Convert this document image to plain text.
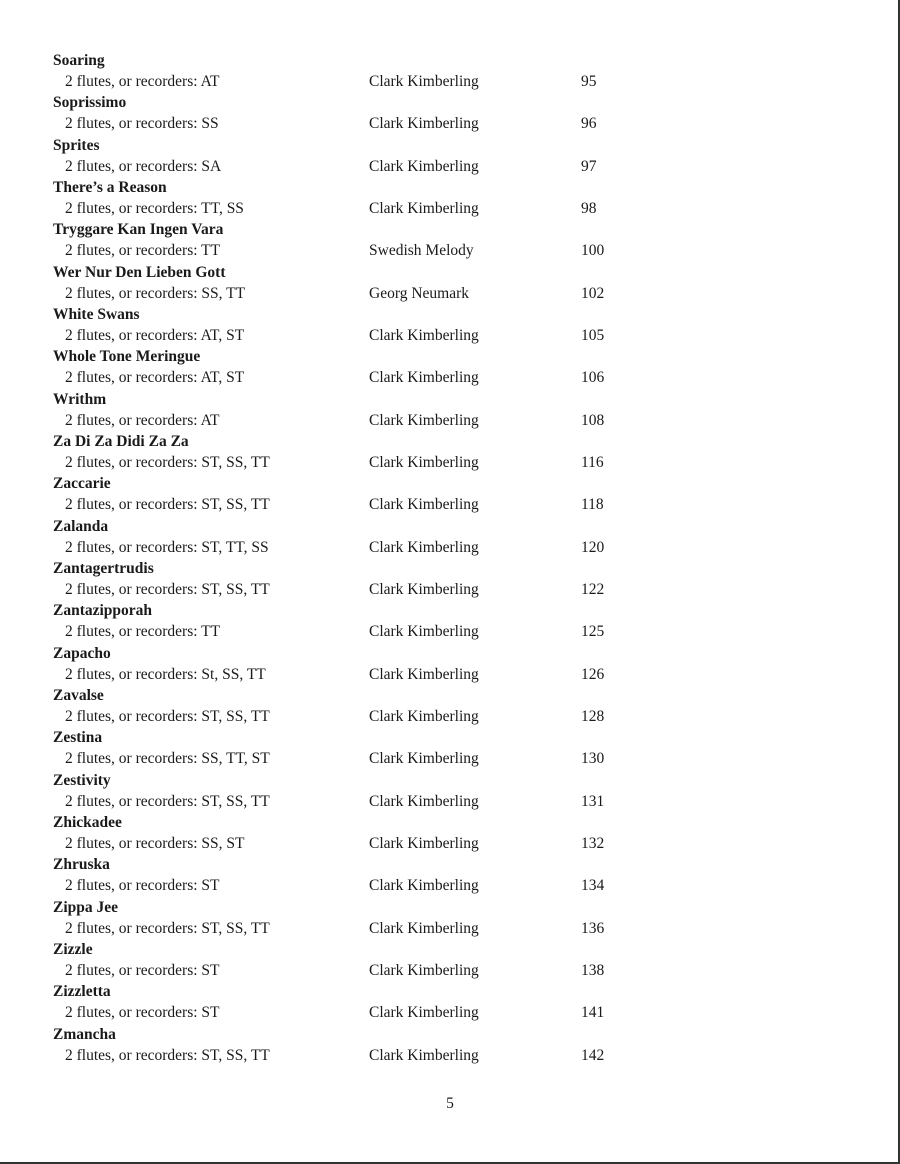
Soaring
2 flutes, or recorders: AT	Clark Kimberling	95
Soprissimo
2 flutes, or recorders: SS	Clark Kimberling	96
Sprites
2 flutes, or recorders: SA	Clark Kimberling	97
There’s a Reason
2 flutes, or recorders: TT, SS	Clark Kimberling	98
Tryggare Kan Ingen Vara
2 flutes, or recorders: TT	Swedish Melody	100
Wer Nur Den Lieben Gott
2 flutes, or recorders: SS, TT	Georg Neumark	102
White Swans
2 flutes, or recorders: AT, ST	Clark Kimberling	105
Whole Tone Meringue
2 flutes, or recorders: AT, ST	Clark Kimberling	106
Writhm
2 flutes, or recorders: AT	Clark Kimberling	108
Za Di Za Didi Za Za
2 flutes, or recorders: ST, SS, TT	Clark Kimberling	116
Zaccarie
2 flutes, or recorders: ST, SS, TT	Clark Kimberling	118
Zalanda
2 flutes, or recorders: ST, TT, SS	Clark Kimberling	120
Zantagertrudis
2 flutes, or recorders: ST, SS, TT	Clark Kimberling	122
Zantazipporah
2 flutes, or recorders: TT	Clark Kimberling	125
Zapacho
2 flutes, or recorders: St, SS, TT	Clark Kimberling	126
Zavalse
2 flutes, or recorders: ST, SS, TT	Clark Kimberling	128
Zestina
2 flutes, or recorders: SS, TT, ST	Clark Kimberling	130
Zestivity
2 flutes, or recorders: ST, SS, TT	Clark Kimberling	131
Zhickadee
2 flutes, or recorders: SS, ST	Clark Kimberling	132
Zhruska
2 flutes, or recorders: ST	Clark Kimberling	134
Zippa Jee
2 flutes, or recorders: ST, SS, TT	Clark Kimberling	136
Zizzle
2 flutes, or recorders: ST	Clark Kimberling	138
Zizzletta
2 flutes, or recorders: ST	Clark Kimberling	141
Zmancha
2 flutes, or recorders: ST, SS, TT	Clark Kimberling	142
5
